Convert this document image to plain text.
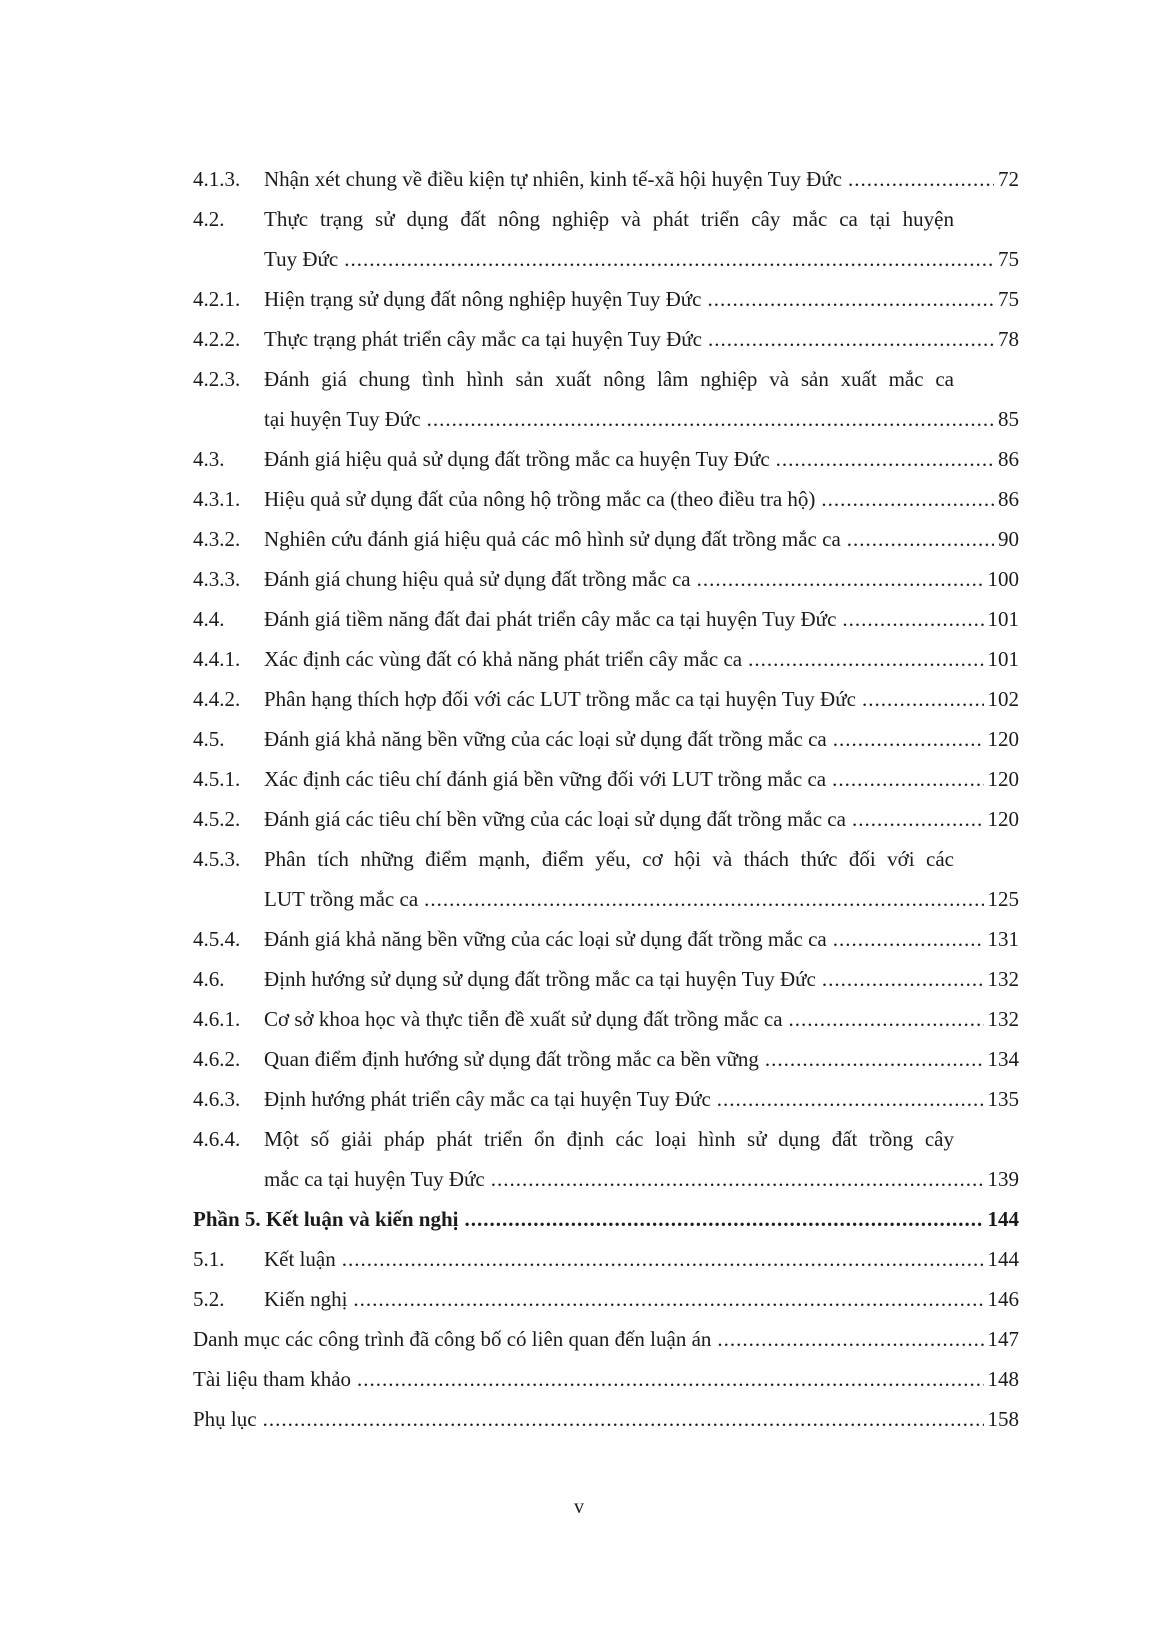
4.1.3.	Nhận xét chung về điều kiện tự nhiên, kinh tế-xã hội huyện Tuy Đức .....	72
4.2.	Thực trạng sử dụng đất nông nghiệp và phát triển cây mắc ca tại huyện
Tuy Đức .....	75
4.2.1.	Hiện trạng sử dụng đất nông nghiệp huyện Tuy Đức .....	75
4.2.2.	Thực trạng phát triển cây mắc ca tại huyện Tuy Đức .....	78
4.2.3.	Đánh giá chung tình hình sản xuất nông lâm nghiệp và sản xuất mắc ca
tại huyện Tuy Đức .....	85
4.3.	Đánh giá hiệu quả sử dụng đất trồng mắc ca huyện Tuy Đức .....	86
4.3.1.	Hiệu quả sử dụng đất của nông hộ trồng mắc ca (theo điều tra hộ) .....	86
4.3.2.	Nghiên cứu đánh giá hiệu quả các mô hình sử dụng đất trồng mắc ca .....	90
4.3.3.	Đánh giá chung hiệu quả sử dụng đất trồng mắc ca .....	100
4.4.	Đánh giá tiềm năng đất đai phát triển cây mắc ca tại huyện Tuy Đức .....	101
4.4.1.	Xác định các vùng đất có khả năng phát triển cây mắc ca .....	101
4.4.2.	Phân hạng thích hợp đối với các LUT trồng mắc ca tại huyện Tuy Đức .....	102
4.5.	Đánh giá khả năng bền vững của các loại sử dụng đất trồng mắc ca .....	120
4.5.1.	Xác định các tiêu chí đánh giá bền vững đối với LUT trồng mắc ca .....	120
4.5.2.	Đánh giá các tiêu chí bền vững của các loại sử dụng đất trồng mắc ca .....	120
4.5.3.	Phân tích những điểm mạnh, điểm yếu, cơ hội và thách thức đối với các
LUT trồng mắc ca .....	125
4.5.4.	Đánh giá khả năng bền vững của các loại sử dụng đất trồng mắc ca .....	131
4.6.	Định hướng sử dụng sử dụng đất trồng mắc ca tại huyện Tuy Đức .....	132
4.6.1.	Cơ sở khoa học và thực tiễn đề xuất sử dụng đất trồng mắc ca .....	132
4.6.2.	Quan điểm định hướng sử dụng đất trồng mắc ca bền vững .....	134
4.6.3.	Định hướng phát triển cây mắc ca tại huyện Tuy Đức .....	135
4.6.4.	Một số giải pháp phát triển ổn định các loại hình sử dụng đất trồng cây
mắc ca tại huyện Tuy Đức .....	139
Phần 5. Kết luận và kiến nghị .....	144
5.1.	Kết luận .....	144
5.2.	Kiến nghị .....	146
Danh mục các công trình đã công bố có liên quan đến luận án .....	147
Tài liệu tham khảo .....	148
Phụ lục .....	158
v
